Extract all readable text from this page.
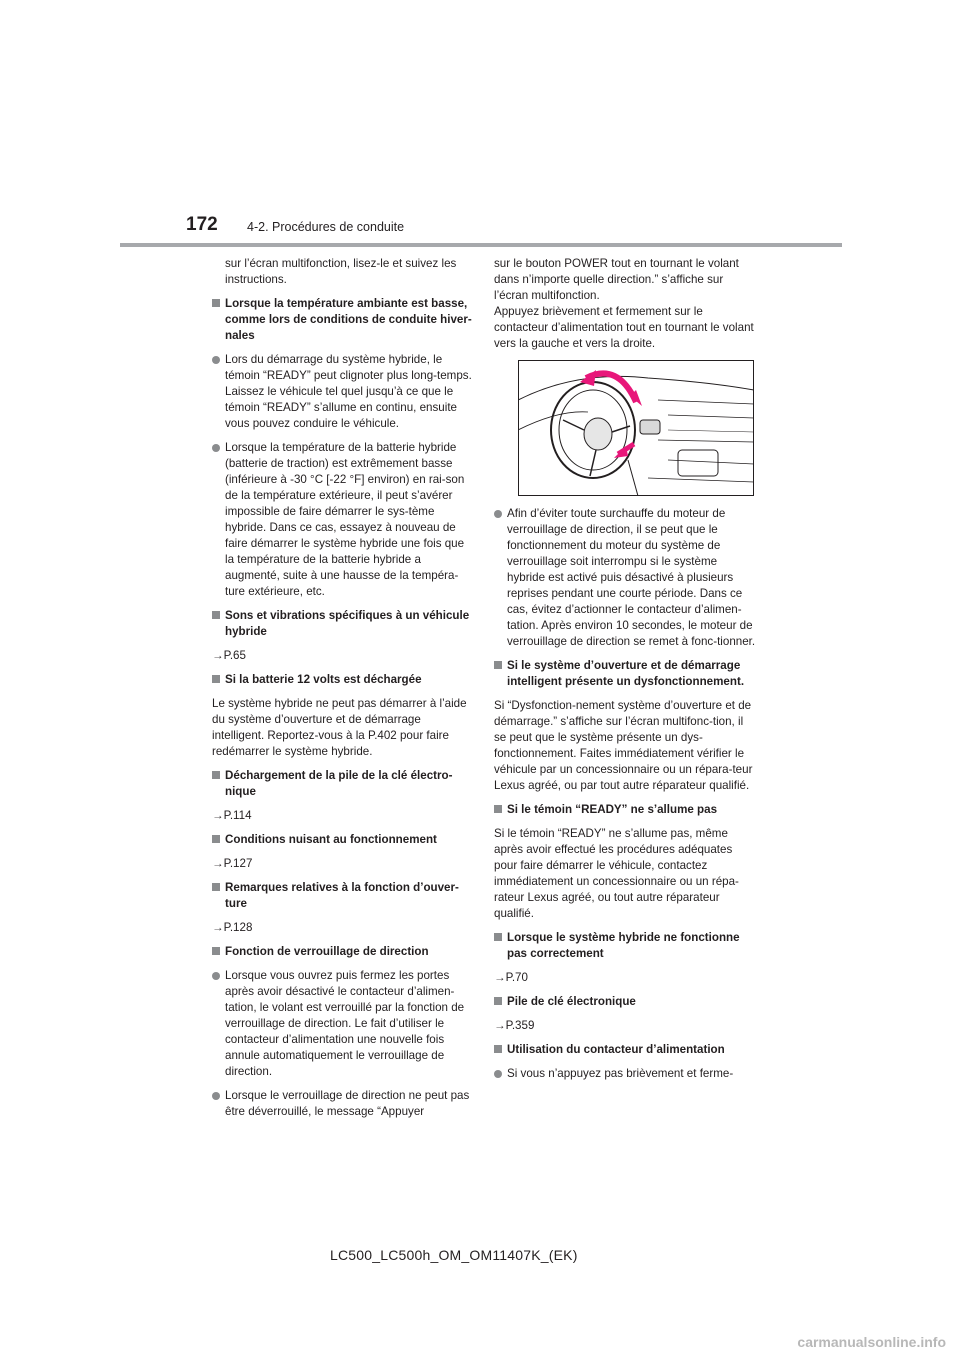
172 4-2. Procédures de conduite

sur l’écran multifonction, lisez-le et suivez les instructions.

Lorsque la température ambiante est basse, comme lors de conditions de conduite hiver-nales
Lors du démarrage du système hybride, le témoin “READY” peut clignoter plus long-temps. Laissez le véhicule tel quel jusqu’à ce que le témoin “READY” s’allume en continu, ensuite vous pouvez conduire le véhicule.
Lorsque la température de la batterie hybride (batterie de traction) est extrêmement basse (inférieure à -30 °C [-22 °F] environ) en rai-son de la température extérieure, il peut s’avérer impossible de faire démarrer le sys-tème hybride. Dans ce cas, essayez à nouveau de faire démarrer le système hybride une fois que la température de la batterie hybride a augmenté, suite à une hausse de la tempéra-ture extérieure, etc.
Sons et vibrations spécifiques à un véhicule hybride
→P.65
Si la batterie 12 volts est déchargée

Le système hybride ne peut pas démarrer à l’aide du système d’ouverture et de démarrage intelligent. Reportez-vous à la P.402 pour faire redémarrer le système hybride.

Déchargement de la pile de la clé électro-nique
→P.114
Conditions nuisant au fonctionnement
→P.127
Remarques relatives à la fonction d’ouver-ture
→P.128
Fonction de verrouillage de direction
Lorsque vous ouvrez puis fermez les portes après avoir désactivé le contacteur d’alimen-tation, le volant est verrouillé par la fonction de verrouillage de direction. Le fait d’utiliser le contacteur d’alimentation une nouvelle fois annule automatiquement le verrouillage de direction.
Lorsque le verrouillage de direction ne peut pas être déverrouillé, le message “Appuyer

sur le bouton POWER tout en tournant le volant dans n’importe quelle direction.” s’affiche sur l’écran multifonction.

Appuyez brièvement et fermement sur le contacteur d’alimentation tout en tournant le volant vers la gauche et vers la droite.

Afin d’éviter toute surchauffe du moteur de verrouillage de direction, il se peut que le fonctionnement du moteur du système de verrouillage soit interrompu si le système hybride est activé puis désactivé à plusieurs reprises pendant une courte période. Dans ce cas, évitez d’actionner le contacteur d’alimen-tation. Après environ 10 secondes, le moteur de verrouillage de direction se remet à fonc-tionner.
Si le système d’ouverture et de démarrage intelligent présente un dysfonctionnement.

Si “Dysfonction-nement système d’ouverture et de démarrage.” s’affiche sur l’écran multifonc-tion, il se peut que le système présente un dys-fonctionnement. Faites immédiatement vérifier le véhicule par un concessionnaire ou un répara-teur Lexus agréé, ou par tout autre réparateur qualifié.

Si le témoin “READY” ne s’allume pas

Si le témoin “READY” ne s’allume pas, même après avoir effectué les procédures adéquates pour faire démarrer le véhicule, contactez immédiatement un concessionnaire ou un répa-rateur Lexus agréé, ou tout autre réparateur qualifié.

Lorsque le système hybride ne fonctionne pas correctement
→P.70
Pile de clé électronique
→P.359
Utilisation du contacteur d’alimentation
Si vous n’appuyez pas brièvement et ferme-
LC500_LC500h_OM_OM11407K_(EK)
carmanualsonline.info
